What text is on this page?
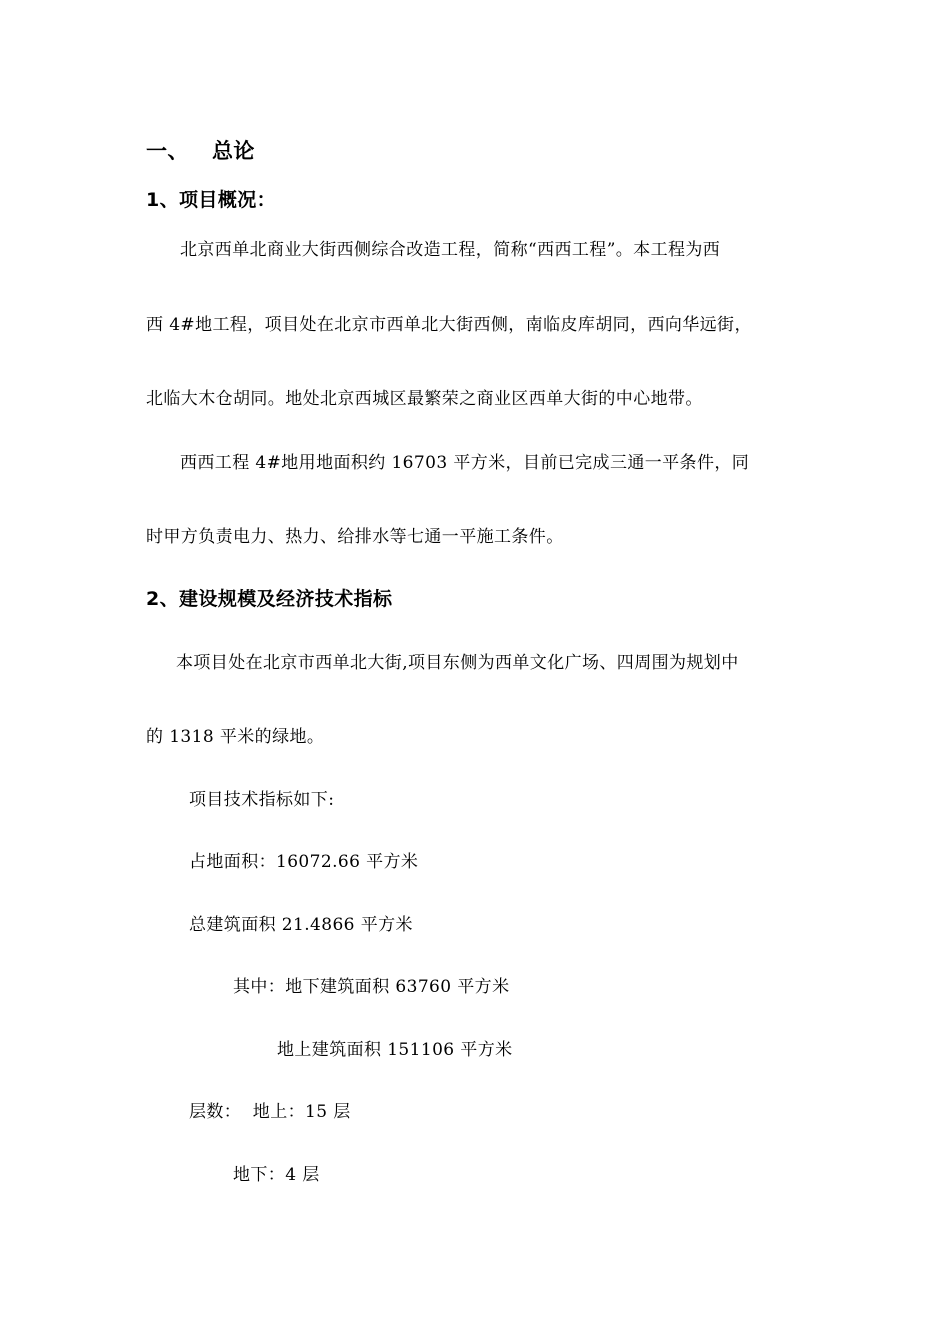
一、 总论
1、项目概况：
北京西单北商业大街西侧综合改造工程，简称“西西工程”。本工程为西
西 4#地工程，项目处在北京市西单北大街西侧，南临皮库胡同，西向华远街，
北临大木仓胡同。地处北京西城区最繁荣之商业区西单大街的中心地带。
西西工程 4#地用地面积约 16703 平方米，目前已完成三通一平条件，同
时甲方负责电力、热力、给排水等七通一平施工条件。
2、建设规模及经济技术指标
本项目处在北京市西单北大街,项目东侧为西单文化广场、四周围为规划中
的 1318 平米的绿地。
项目技术指标如下:
占地面积：16072.66 平方米
总建筑面积 21.4866 平方米
其中：地下建筑面积 63760 平方米
地上建筑面积 151106 平方米
层数：  地上：15 层
地下：4 层
